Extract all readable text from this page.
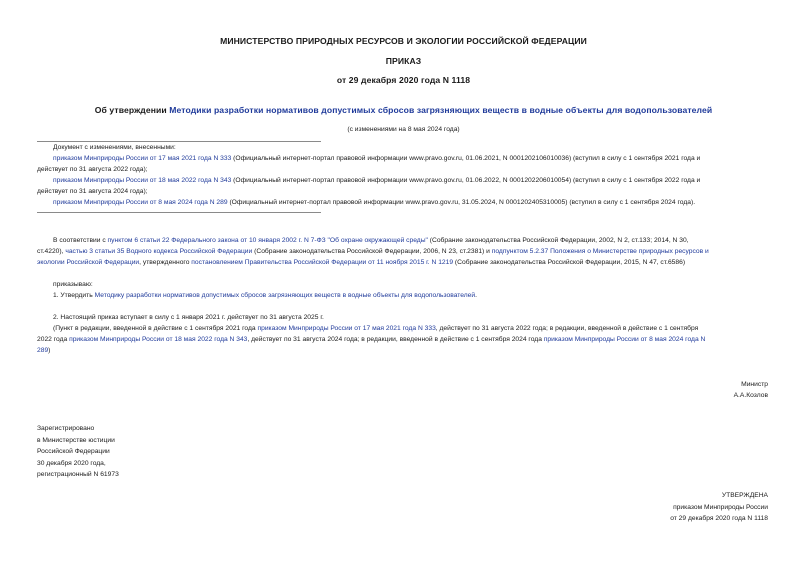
МИНИСТЕРСТВО ПРИРОДНЫХ РЕСУРСОВ И ЭКОЛОГИИ РОССИЙСКОЙ ФЕДЕРАЦИИ
ПРИКАЗ
от 29 декабря 2020 года N 1118
Об утверждении Методики разработки нормативов допустимых сбросов загрязняющих веществ в водные объекты для водопользователей
(с изменениями на 8 мая 2024 года)
Документ с изменениями, внесенными:
приказом Минприроды России от 17 мая 2021 года N 333 (Официальный интернет-портал правовой информации www.pravo.gov.ru, 01.06.2021, N 0001202106010036) (вступил в силу с 1 сентября 2021 года и
действует по 31 августа 2022 года);
приказом Минприроды России от 18 мая 2022 года N 343 (Официальный интернет-портал правовой информации www.pravo.gov.ru, 01.06.2022, N 0001202206010054) (вступил в силу с 1 сентября 2022 года и
действует по 31 августа 2024 года);
приказом Минприроды России от 8 мая 2024 года N 289 (Официальный интернет-портал правовой информации www.pravo.gov.ru, 31.05.2024, N 0001202405310005) (вступил в силу с 1 сентября 2024 года).
В соответствии с пунктом 6 статьи 22 Федерального закона от 10 января 2002 г. N 7-ФЗ "Об охране окружающей среды" (Собрание законодательства Российской Федерации, 2002, N 2, ст.133; 2014, N 30,
ст.4220), частью 3 статьи 35 Водного кодекса Российской Федерации (Собрание законодательства Российской Федерации, 2006, N 23, ст.2381) и подпунктом 5.2.37 Положения о Министерстве природных ресурсов и
экологии Российской Федерации, утвержденного постановлением Правительства Российской Федерации от 11 ноября 2015 г. N 1219 (Собрание законодательства Российской Федерации, 2015, N 47, ст.6586)
приказываю:
1. Утвердить Методику разработки нормативов допустимых сбросов загрязняющих веществ в водные объекты для водопользователей.
2. Настоящий приказ вступает в силу с 1 января 2021 г. действует по 31 августа 2025 г.
(Пункт в редакции, введенной в действие с 1 сентября 2021 года приказом Минприроды России от 17 мая 2021 года N 333, действует по 31 августа 2022 года; в редакции, введенной в действие с 1 сентября
2022 года приказом Минприроды России от 18 мая 2022 года N 343, действует по 31 августа 2024 года; в редакции, введенной в действие с 1 сентября 2024 года приказом Минприроды России от 8 мая 2024 года N
289)
Министр
А.А.Козлов
Зарегистрировано
в Министерстве юстиции
Российской Федерации
30 декабря 2020 года,
регистрационный N 61973
УТВЕРЖДЕНА
приказом Минприроды России
от 29 декабря 2020 года N 1118
